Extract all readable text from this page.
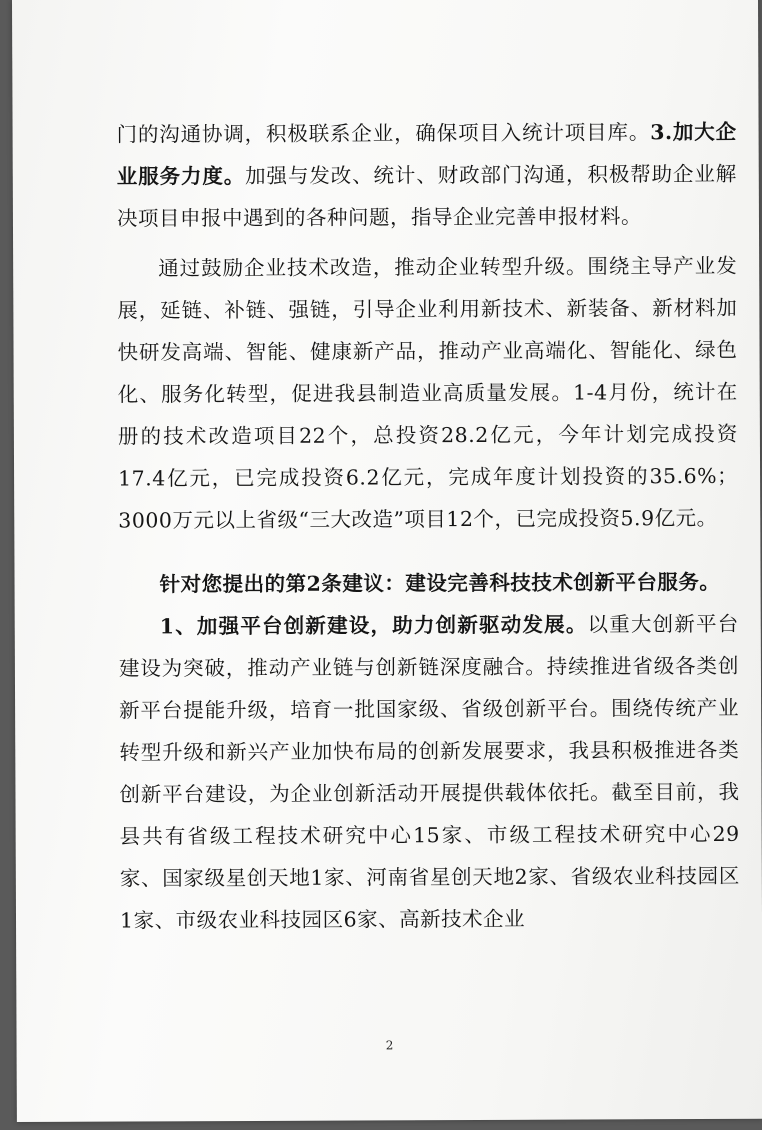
门的沟通协调，积极联系企业，确保项目入统计项目库。3.加大企业服务力度。加强与发改、统计、财政部门沟通，积极帮助企业解决项目申报中遇到的各种问题，指导企业完善申报材料。

通过鼓励企业技术改造，推动企业转型升级。围绕主导产业发展，延链、补链、强链，引导企业利用新技术、新装备、新材料加快研发高端、智能、健康新产品，推动产业高端化、智能化、绿色化、服务化转型，促进我县制造业高质量发展。1-4月份，统计在册的技术改造项目22个，总投资28.2亿元，今年计划完成投资17.4亿元，已完成投资6.2亿元，完成年度计划投资的35.6%；3000万元以上省级“三大改造”项目12个，已完成投资5.9亿元。

针对您提出的第2条建议：建设完善科技技术创新平台服务。

1、加强平台创新建设，助力创新驱动发展。以重大创新平台建设为突破，推动产业链与创新链深度融合。持续推进省级各类创新平台提能升级，培育一批国家级、省级创新平台。围绕传统产业转型升级和新兴产业加快布局的创新发展要求，我县积极推进各类创新平台建设，为企业创新活动开展提供载体依托。截至目前，我县共有省级工程技术研究中心15家、市级工程技术研究中心29家、国家级星创天地1家、河南省星创天地2家、省级农业科技园区1家、市级农业科技园区6家、高新技术企业

2
